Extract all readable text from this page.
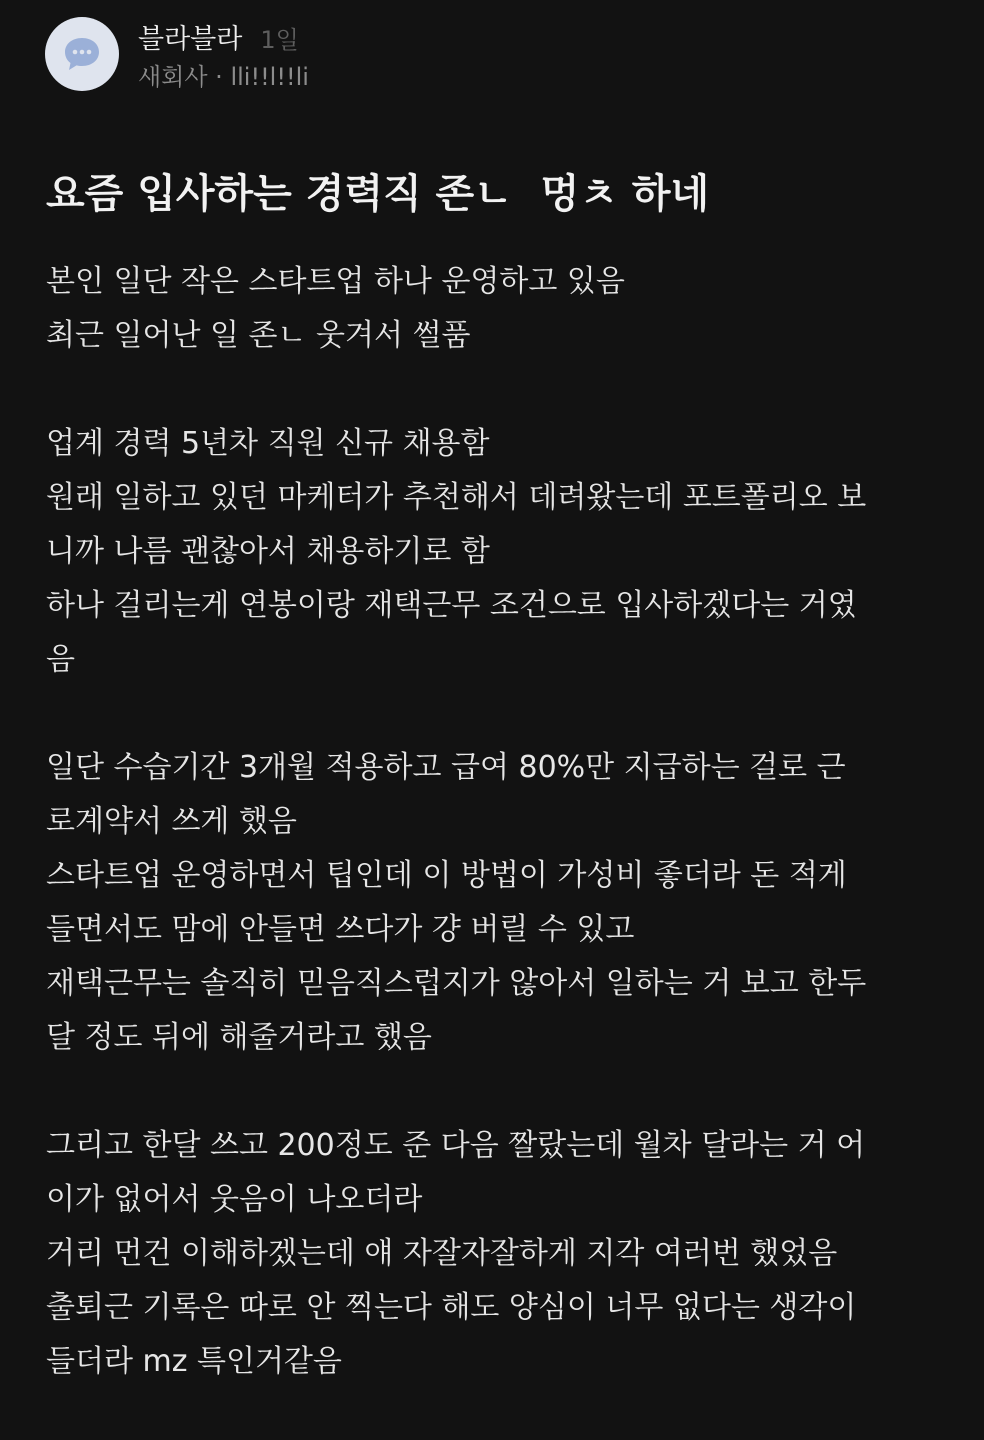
블라블라 1일
새회사 · lli!!l!!li
요즘 입사하는 경력직 존ㄴ  멍ㅊ 하네
본인 일단 작은 스타트업 하나 운영하고 있음
최근 일어난 일 존ㄴ 웃겨서 썰품
업계 경력 5년차 직원 신규 채용함
원래 일하고 있던 마케터가 추천해서 데려왔는데 포트폴리오 보
니까 나름 괜찮아서 채용하기로 함
하나 걸리는게 연봉이랑 재택근무 조건으로 입사하겠다는 거였
음
일단 수습기간 3개월 적용하고 급여 80%만 지급하는 걸로 근
로계약서 쓰게 했음
스타트업 운영하면서 팁인데 이 방법이 가성비 좋더라 돈 적게
들면서도 맘에 안들면 쓰다가 걍 버릴 수 있고
재택근무는 솔직히 믿음직스럽지가 않아서 일하는 거 보고 한두
달 정도 뒤에 해줄거라고 했음
그리고 한달 쓰고 200정도 준 다음 짤랐는데 월차 달라는 거 어
이가 없어서 웃음이 나오더라
거리 먼건 이해하겠는데 얘 자잘자잘하게 지각 여러번 했었음
출퇴근 기록은 따로 안 찍는다 해도 양심이 너무 없다는 생각이
들더라 mz 특인거같음
